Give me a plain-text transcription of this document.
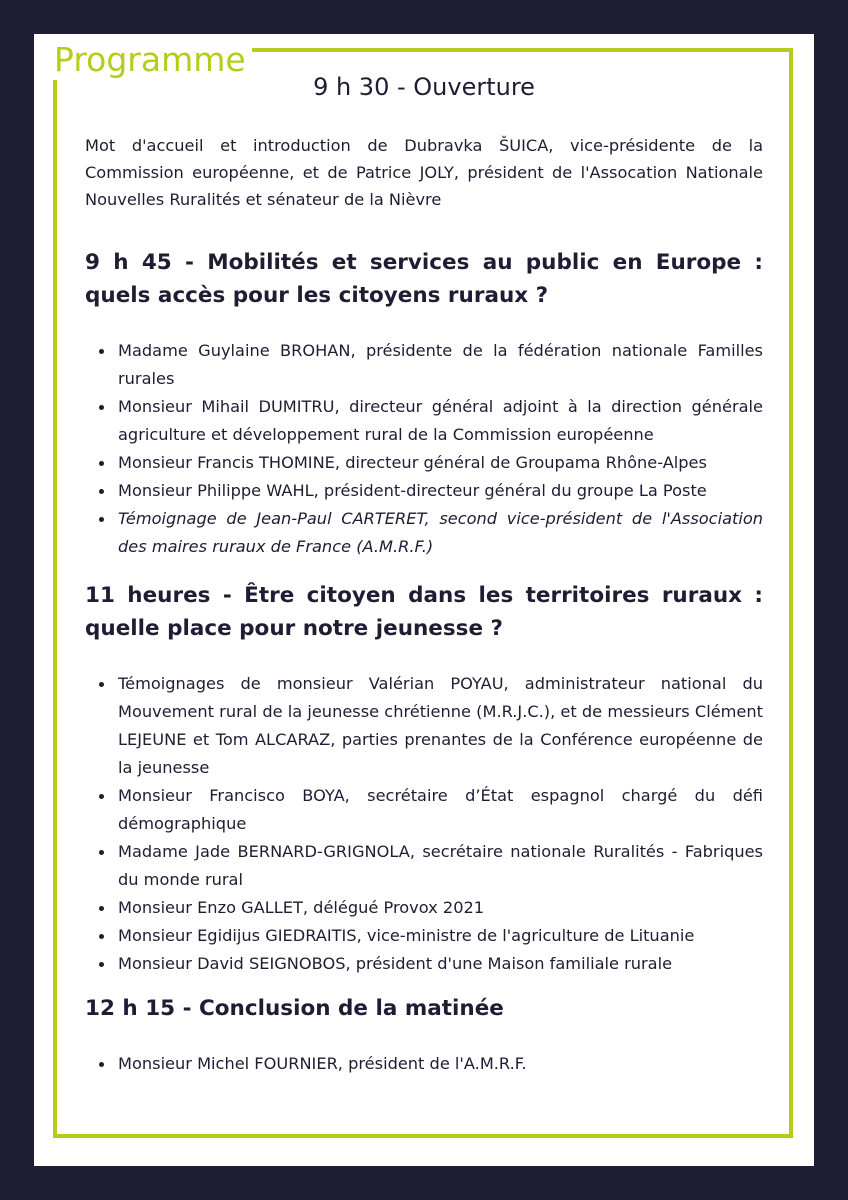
Programme
9 h 30 - Ouverture

Mot d'accueil et introduction de Dubravka ŠUICA, vice-présidente de la Commission européenne, et de Patrice JOLY, président de l'Assocation Nationale Nouvelles Ruralités et sénateur de la Nièvre

9 h 45 - Mobilités et services au public en Europe : quels accès pour les citoyens ruraux ?
Madame Guylaine BROHAN, présidente de la fédération nationale Familles rurales
Monsieur Mihail DUMITRU, directeur général adjoint à la direction générale agriculture et développement rural de la Commission européenne
Monsieur Francis THOMINE, directeur général de Groupama Rhône-Alpes
Monsieur Philippe WAHL, président-directeur général du groupe La Poste
Témoignage de Jean-Paul CARTERET, second vice-président de l'Association des maires ruraux de France (A.M.R.F.)
11 heures - Être citoyen dans les territoires ruraux : quelle place pour notre jeunesse ?
Témoignages de monsieur Valérian POYAU, administrateur national du Mouvement rural de la jeunesse chrétienne (M.R.J.C.), et de messieurs Clément LEJEUNE et Tom ALCARAZ, parties prenantes de la Conférence européenne de la jeunesse
Monsieur Francisco BOYA, secrétaire d’État espagnol chargé du défi démographique
Madame Jade BERNARD-GRIGNOLA, secrétaire nationale Ruralités - Fabriques du monde rural
Monsieur Enzo GALLET, délégué Provox 2021
Monsieur Egidijus GIEDRAITIS, vice-ministre de l'agriculture de Lituanie
Monsieur David SEIGNOBOS, président d'une Maison familiale rurale
12 h 15 - Conclusion de la matinée
Monsieur Michel FOURNIER, président de l'A.M.R.F.
